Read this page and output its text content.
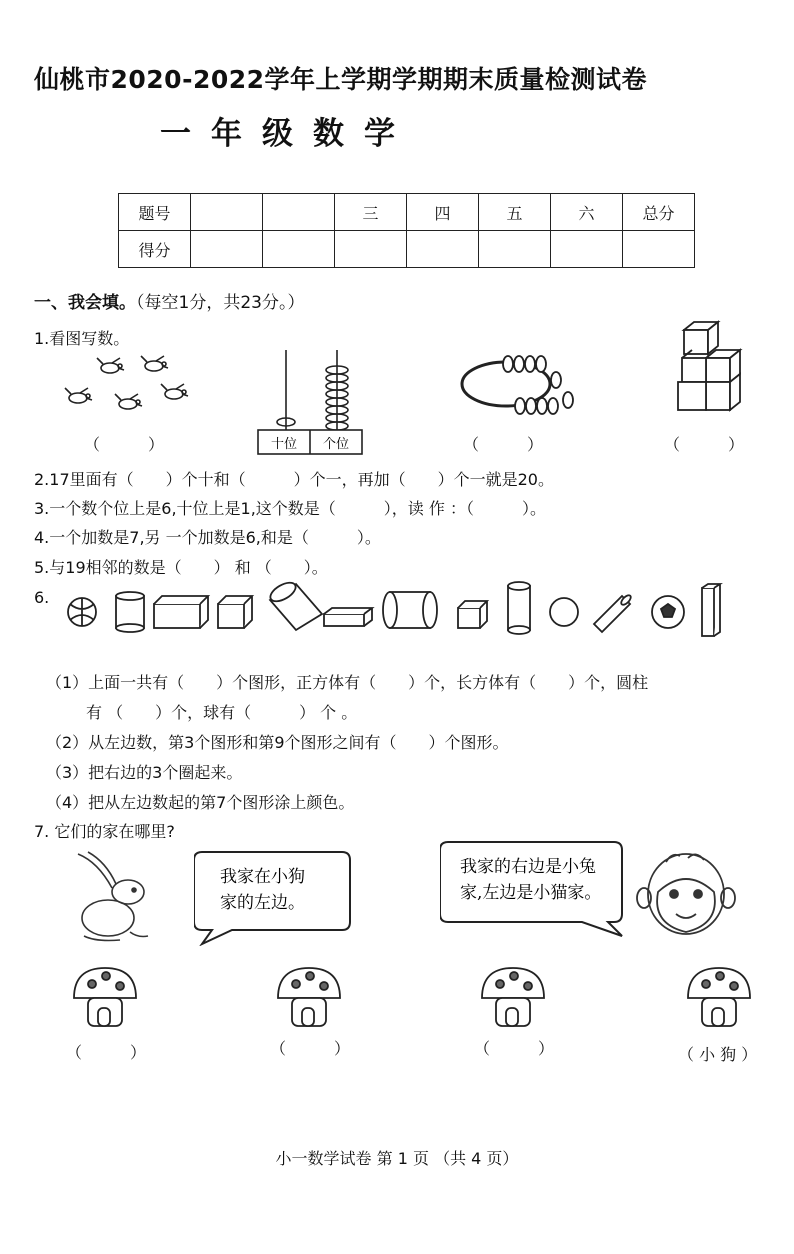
仙桃市2020-2022学年上学期学期期末质量检测试卷
一年级数学
题号			三	四	五	六	总分
得分							
一、我会填。（每空1分，共23分。）
1.看图写数。
（　　　）	十位 个位	（　　　）	（　　　）
2.17里面有（　　）个十和（　　　）个一，再加（　　）个一就是20。
3.一个数个位上是6,十位上是1,这个数是（　　　），读 作 ：（　　　）。
4.一个加数是7,另 一个加数是6,和是（　　　）。
5.与19相邻的数是（　　） 和 （　　）。
6.
（1）上面一共有（　　）个图形，正方体有（　　）个，长方体有（　　）个，圆柱
有 （　　）个，球有（　　　） 个 。
（2）从左边数，第3个图形和第9个图形之间有（　　）个图形。
（3）把右边的3个圈起来。
（4）把从左边数起的第7个图形涂上颜色。
7. 它们的家在哪里?
我家在小狗
家的左边。
我家的右边是小兔
家,左边是小猫家。
（　　　）	（　　　）	（　　　）	（ 小 狗 ）
小一数学试卷 第 1 页 （共 4 页）
